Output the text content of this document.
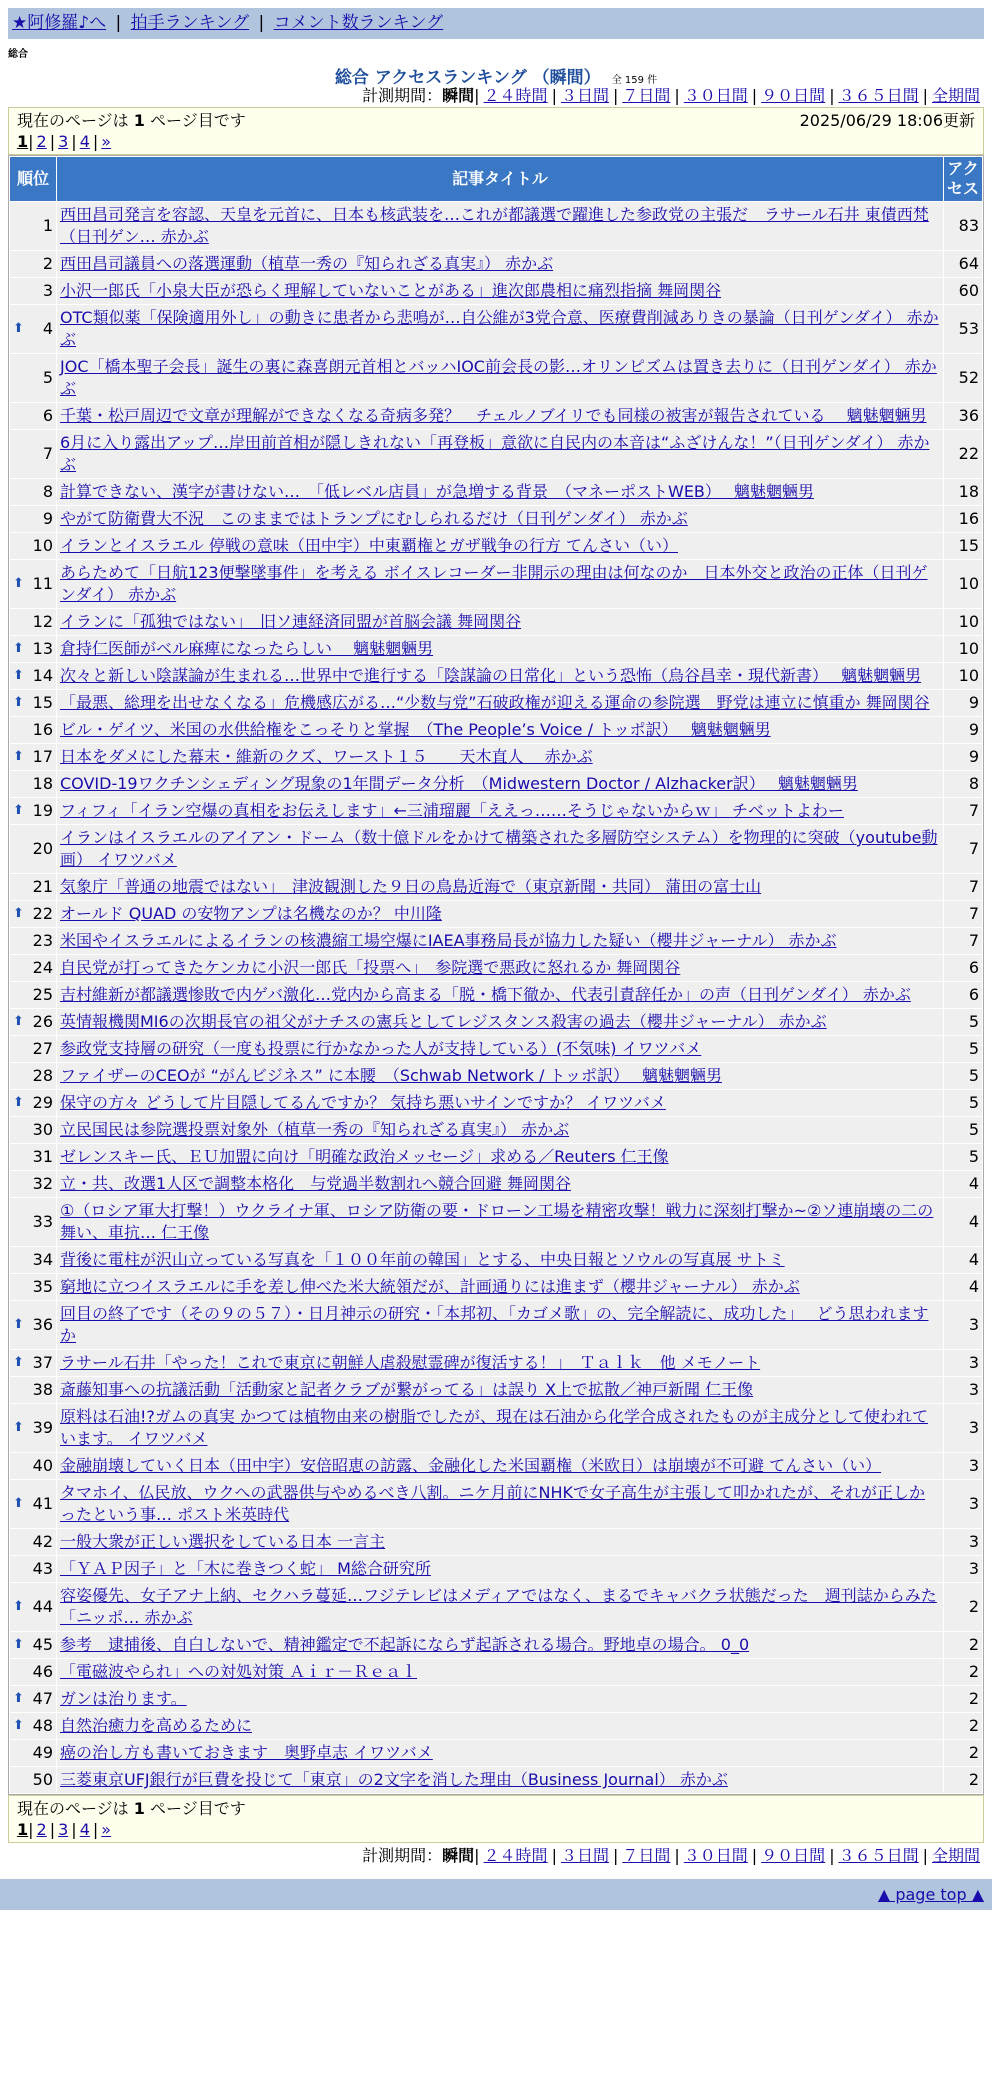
★阿修羅♪へ | 拍手ランキング | コメント数ランキング
総合
総合 アクセスランキング （瞬間） 全 159 件
計測期間：瞬間| ２４時間 | ３日間 | ７日間 | ３０日間 | ９０日間 | ３６５日間 | 全期間
現在のページは 1 ページ目です	2025/06/29 18:06更新
1| 2 | 3 | 4 | »
順位	記事タイトル	アクセス
1	西田昌司発言を容認、天皇を元首に、日本も核武装を…これが都議選で躍進した参政党の主張だ　ラサール石井 東債西梵（日刊ゲン… 赤かぶ	83
2	西田昌司議員への落選運動（植草一秀の『知られざる真実』） 赤かぶ	64
3	小沢一郎氏「小泉大臣が恐らく理解していないことがある」進次郎農相に痛烈指摘 舞岡関谷	60

⬆ 4	OTC類似薬「保険適用外し」の動きに患者から悲鳴が…自公維が3党合意、医療費削減ありきの暴論（日刊ゲンダイ） 赤かぶ	53
5	JOC「橋本聖子会長」誕生の裏に森喜朗元首相とバッハIOC前会長の影…オリンピズムは置き去りに（日刊ゲンダイ） 赤かぶ	52
6	千葉・松戸周辺で文章が理解ができなくなる奇病多発？　チェルノブイリでも同様の被害が報告されている　 魑魅魍魎男	36
7	6月に入り露出アップ…岸田前首相が隠しきれない「再登板」意欲に自民内の本音は“ふざけんな！”（日刊ゲンダイ） 赤かぶ	22
8	計算できない、漢字が書けない…　「低レベル店員」が急増する背景　（マネーポストWEB）　 魑魅魍魎男	18
9	やがて防衛費大不況　このままではトランプにむしられるだけ（日刊ゲンダイ） 赤かぶ	16
10	イランとイスラエル 停戦の意味（田中宇）中東覇権とガザ戦争の行方 てんさい（い）	15

⬆ 11	あらためて「日航123便撃墜事件」を考える ボイスレコーダー非開示の理由は何なのか　日本外交と政治の正体（日刊ゲンダイ） 赤かぶ	10
12	イランに「孤独ではない」　旧ソ連経済同盟が首脳会議 舞岡関谷	10

⬆ 13	倉持仁医師がベル麻痺になったらしい　 魑魅魍魎男	10

⬆ 14	次々と新しい陰謀論が生まれる…世界中で進行する「陰謀論の日常化」という恐怖（烏谷昌幸・現代新書）　 魑魅魍魎男	10

⬆ 15	「最悪、総理を出せなくなる」危機感広がる…“少数与党”石破政権が迎える運命の参院選　野党は連立に慎重か 舞岡関谷	9
16	ビル・ゲイツ、米国の水供給権をこっそりと掌握　（The People’s Voice / トッポ訳）　 魑魅魍魎男	9

⬆ 17	日本をダメにした幕末・維新のクズ、ワースト１５　　天木直人　 赤かぶ	9
18	COVID-19ワクチンシェディング現象の1年間データ分析　（Midwestern Doctor / Alzhacker訳）　 魑魅魍魎男	8

⬆ 19	フィフィ「イラン空爆の真相をお伝えします」←三浦瑠麗「ええっ……そうじゃないからｗ」 チベットよわー	7
20	イランはイスラエルのアイアン・ドーム（数十億ドルをかけて構築された多層防空システム）を物理的に突破（youtube動画） イワツバメ	7
21	気象庁「普通の地震ではない」　津波観測した９日の鳥島近海で（東京新聞・共同） 蒲田の富士山	7

⬆ 22	オールド QUAD の安物アンプは名機なのか？ 中川隆	7
23	米国やイスラエルによるイランの核濃縮工場空爆にIAEA事務局長が協力した疑い（櫻井ジャーナル） 赤かぶ	7
24	自民党が打ってきたケンカに小沢一郎氏「投票へ」　参院選で悪政に怒れるか 舞岡関谷	6
25	吉村維新が都議選惨敗で内ゲバ激化…党内から高まる「脱・橋下徹か、代表引責辞任か」の声（日刊ゲンダイ） 赤かぶ	6

⬆ 26	英情報機関MI6の次期長官の祖父がナチスの憲兵としてレジスタンス殺害の過去（櫻井ジャーナル） 赤かぶ	5
27	参政党支持層の研究（一度も投票に行かなかった人が支持している）(不気味) イワツバメ	5
28	ファイザーのCEOが “がんビジネス” に本腰　（Schwab Network / トッポ訳）　 魑魅魍魎男	5

⬆ 29	保守の方々 どうして片目隠してるんですか？ 気持ち悪いサインですか？ イワツバメ	5
30	立民国民は参院選投票対象外（植草一秀の『知られざる真実』） 赤かぶ	5
31	ゼレンスキー氏、ＥＵ加盟に向け「明確な政治メッセージ」求める／Reuters 仁王像	5
32	立・共、改選1人区で調整本格化　与党過半数割れへ競合回避 舞岡関谷	4
33	①（ロシア軍大打撃！）ウクライナ軍、ロシア防衛の要・ドローン工場を精密攻撃！戦力に深刻打撃か~②ソ連崩壊の二の舞い、車抗… 仁王像	4
34	背後に電柱が沢山立っている写真を「１００年前の韓国」とする、中央日報とソウルの写真展 サトミ	4
35	窮地に立つイスラエルに手を差し伸べた米大統領だが、計画通りには進まず（櫻井ジャーナル） 赤かぶ	4

⬆ 36	回目の終了です（その９の５７）・日月神示の研究・「本邦初、「カゴメ歌」の、完全解読に、成功した」　 どう思われますか	3

⬆ 37	ラサール石井「やった！これで東京に朝鮮人虐殺慰霊碑が復活する！」　Ｔａｌｋ　他 メモノート	3
38	斎藤知事への抗議活動「活動家と記者クラブが繋がってる」は誤り X上で拡散／神戸新聞 仁王像	3

⬆ 39	原料は石油!?ガムの真実 かつては植物由来の樹脂でしたが、現在は石油から化学合成されたものが主成分として使われています。 イワツバメ	3
40	金融崩壊していく日本（田中宇）安倍昭恵の訪露、金融化した米国覇権（米欧日）は崩壊が不可避 てんさい（い）	3

⬆ 41	タマホイ、仏民放、ウクへの武器供与やめるべき八割。ニケ月前にNHKで女子高生が主張して叩かれたが、それが正しかったという事… ポスト米英時代	3
42	一般大衆が正しい選択をしている日本 一言主	3
43	「ＹＡＰ因子」と「木に巻きつく蛇」 M総合研究所	3

⬆ 44	容姿優先、女子アナ上納、セクハラ蔓延…フジテレビはメディアではなく、まるでキャバクラ状態だった　週刊誌からみた「ニッポ… 赤かぶ	2

⬆ 45	参考　逮捕後、自白しないで、精神鑑定で不起訴にならず起訴される場合。野地卓の場合。 0_0	2
46	「電磁波やられ」への対処対策 Ａｉｒ－Ｒｅａｌ	2

⬆ 47	ガンは治ります。	2

⬆ 48	自然治癒力を高めるために	2
49	癌の治し方も書いておきます　奥野卓志 イワツバメ	2
50	三菱東京UFJ銀行が巨費を投じて「東京」の2文字を消した理由（Business Journal） 赤かぶ	2
現在のページは 1 ページ目です
1| 2 | 3 | 4 | »
計測期間：瞬間| ２４時間 | ３日間 | ７日間 | ３０日間 | ９０日間 | ３６５日間 | 全期間
▲ page top ▲
